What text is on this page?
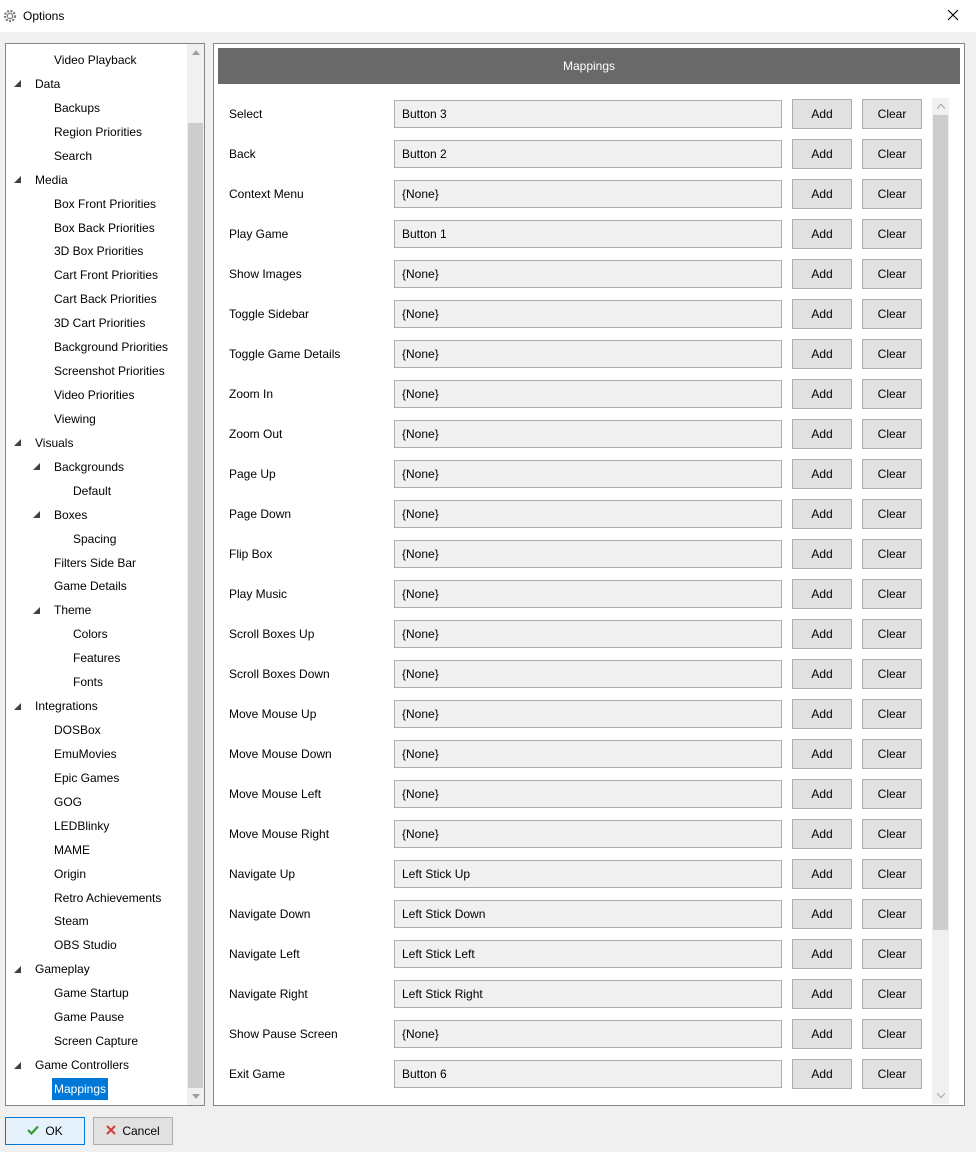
Options
Video Playback
Data
Backups
Region Priorities
Search
Media
Box Front Priorities
Box Back Priorities
3D Box Priorities
Cart Front Priorities
Cart Back Priorities
3D Cart Priorities
Background Priorities
Screenshot Priorities
Video Priorities
Viewing
Visuals
Backgrounds
Default
Boxes
Spacing
Filters Side Bar
Game Details
Theme
Colors
Features
Fonts
Integrations
DOSBox
EmuMovies
Epic Games
GOG
LEDBlinky
MAME
Origin
Retro Achievements
Steam
OBS Studio
Gameplay
Game Startup
Game Pause
Screen Capture
Game Controllers
Mappings
Mappings
Select	Button 3	Add	Clear
Back	Button 2	Add	Clear
Context Menu	{None}	Add	Clear
Play Game	Button 1	Add	Clear
Show Images	{None}	Add	Clear
Toggle Sidebar	{None}	Add	Clear
Toggle Game Details	{None}	Add	Clear
Zoom In	{None}	Add	Clear
Zoom Out	{None}	Add	Clear
Page Up	{None}	Add	Clear
Page Down	{None}	Add	Clear
Flip Box	{None}	Add	Clear
Play Music	{None}	Add	Clear
Scroll Boxes Up	{None}	Add	Clear
Scroll Boxes Down	{None}	Add	Clear
Move Mouse Up	{None}	Add	Clear
Move Mouse Down	{None}	Add	Clear
Move Mouse Left	{None}	Add	Clear
Move Mouse Right	{None}	Add	Clear
Navigate Up	Left Stick Up	Add	Clear
Navigate Down	Left Stick Down	Add	Clear
Navigate Left	Left Stick Left	Add	Clear
Navigate Right	Left Stick Right	Add	Clear
Show Pause Screen	{None}	Add	Clear
Exit Game	Button 6	Add	Clear
OK	Cancel
